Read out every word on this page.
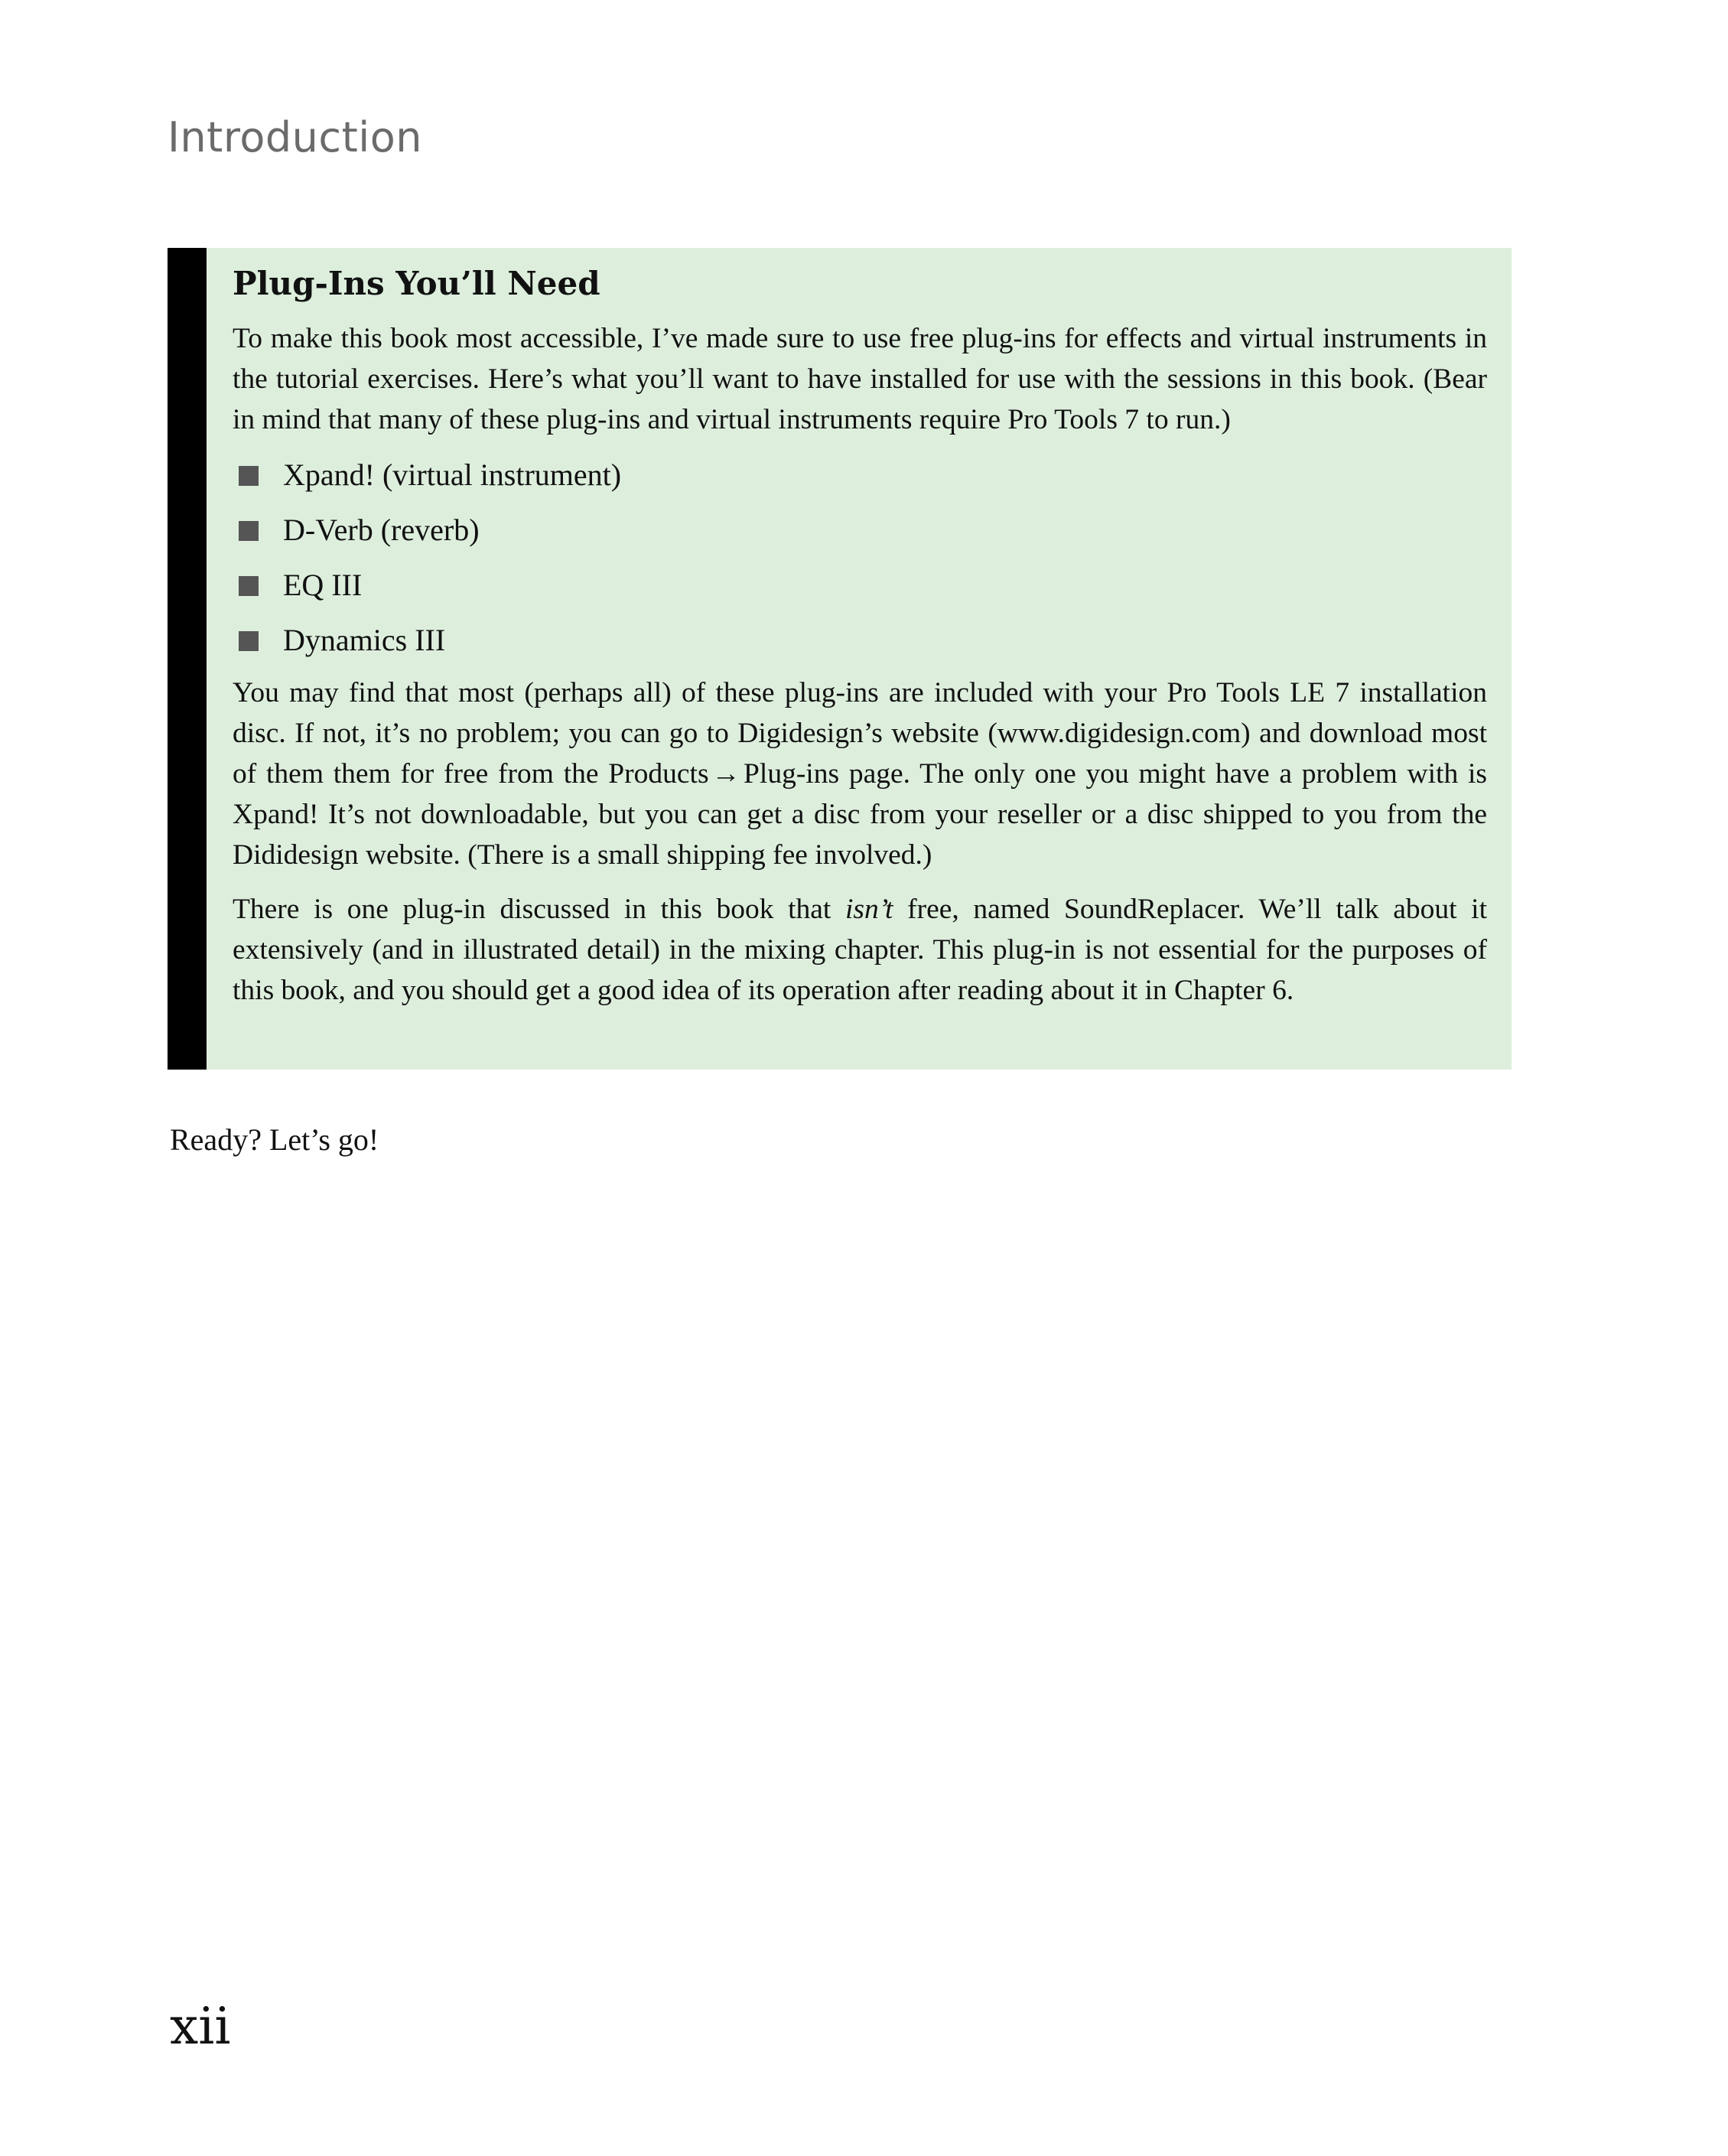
Introduction
Plug-Ins You’ll Need

To make this book most accessible, I’ve made sure to use free plug-ins for effects and virtual instruments in the tutorial exercises. Here’s what you’ll want to have installed for use with the sessions in this book. (Bear in mind that many of these plug-ins and virtual instruments require Pro Tools 7 to run.)

Xpand! (virtual instrument)
D-Verb (reverb)
EQ III
Dynamics III

You may find that most (perhaps all) of these plug-ins are included with your Pro Tools LE 7 installation disc. If not, it’s no problem; you can go to Digidesign’s website (www.digidesign.com) and download most of them them for free from the Products → Plug-ins page. The only one you might have a problem with is Xpand! It’s not downloadable, but you can get a disc from your reseller or a disc shipped to you from the Dididesign website. (There is a small shipping fee involved.)

There is one plug-in discussed in this book that isn’t free, named SoundReplacer. We’ll talk about it extensively (and in illustrated detail) in the mixing chapter. This plug-in is not essential for the purposes of this book, and you should get a good idea of its operation after reading about it in Chapter 6.

Ready? Let’s go!
xii
